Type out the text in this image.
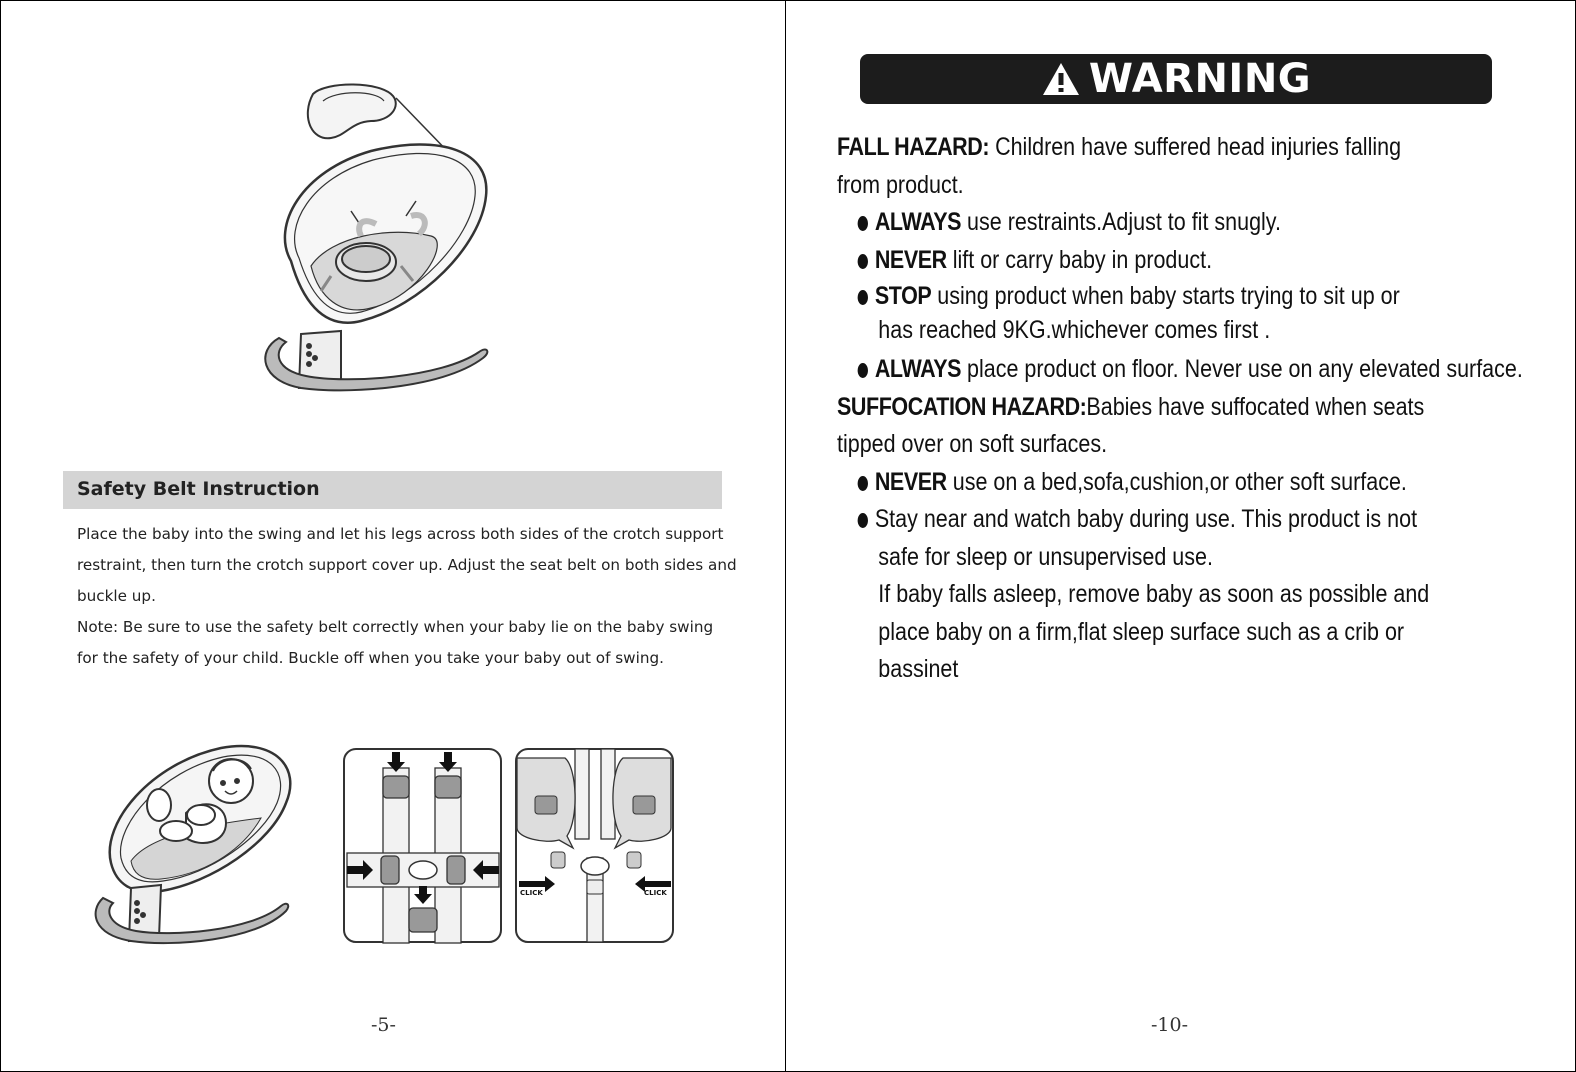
Safety Belt Instruction

Place the baby into the swing and let his legs across both sides of the crotch support restraint, then turn the crotch support cover up. Adjust the seat belt on both sides and buckle up.

Note: Be sure to use the safety belt correctly when your baby lie on the baby swing for the safety of your child. Buckle off when you take your baby out of swing.

CLICK	CLICK
-5-
WARNING
FALL HAZARD: Children have suffered head injuries falling
from product.
ALWAYS use restraints.Adjust to fit snugly.
NEVER lift or carry baby in product.
STOP using product when baby starts trying to sit up or
has reached 9KG.whichever comes first .
ALWAYS place product on floor. Never use on any elevated surface.
SUFFOCATION HAZARD:Babies have suffocated when seats
tipped over on soft surfaces.
NEVER use on a bed,sofa,cushion,or other soft surface.
Stay near and watch baby during use. This product is not
safe for sleep or unsupervised use.
If baby falls asleep, remove baby as soon as possible and
place baby on a firm,flat sleep surface such as a crib or
bassinet
-10-
